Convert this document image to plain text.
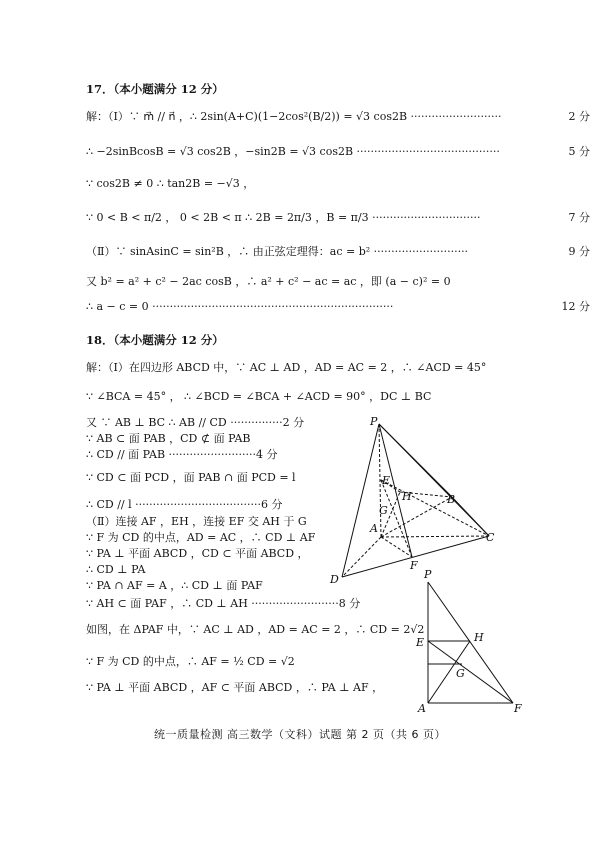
17．（本小题满分 12 分）
解：（Ⅰ）∵ m⃗ // n⃗ ，∴ 2sin(A+C)(1−2cos²(B/2)) = √3 cos2B ··························	2 分
∴ −2sinBcosB = √3 cos2B ，−sin2B = √3 cos2B ·········································	5 分
∵ cos2B ≠ 0 ∴ tan2B = −√3 ，
∵ 0 < B < π/2 ， 0 < 2B < π ∴ 2B = 2π/3 ，B = π/3 ·······························	7 分
（Ⅱ）∵ sinAsinC = sin²B ，∴ 由正弦定理得：ac = b² ···························	9 分
又 b² = a² + c² − 2ac cosB ，∴ a² + c² − ac = ac ，即 (a − c)² = 0
∴ a − c = 0 ·····································································	12 分
18．（本小题满分 12 分）
解：（Ⅰ）在四边形 ABCD 中，∵ AC ⊥ AD ，AD = AC = 2 ，∴ ∠ACD = 45°
∵ ∠BCA = 45° ， ∴ ∠BCD = ∠BCA + ∠ACD = 90° ，DC ⊥ BC
又 ∵ AB ⊥ BC ∴ AB // CD ···············2 分
∵ AB ⊂ 面 PAB ，CD ⊄ 面 PAB
∴ CD // 面 PAB ·························4 分
∵ CD ⊂ 面 PCD ，面 PAB ∩ 面 PCD = l
∴ CD // l ····································6 分
（Ⅱ）连接 AF ，EH ，连接 EF 交 AH 于 G
∵ F 为 CD 的中点，AD = AC ，∴ CD ⊥ AF
∵ PA ⊥ 平面 ABCD ，CD ⊂ 平面 ABCD ，
∴ CD ⊥ PA
∵ PA ∩ AF = A ，∴ CD ⊥ 面 PAF
∵ AH ⊂ 面 PAF ，∴ CD ⊥ AH ·························8 分
如图，在 ΔPAF 中，∵ AC ⊥ AD ，AD = AC = 2 ，∴ CD = 2√2
∵ F 为 CD 的中点，∴ AF = ½ CD = √2
∵ PA ⊥ 平面 ABCD ，AF ⊂ 平面 ABCD ，∴ PA ⊥ AF ，
统一质量检测 高三数学（文科）试题 第 2 页（共 6 页）
P
E
H	B
G
A
C
D
F
P
E	H
G
A	F
